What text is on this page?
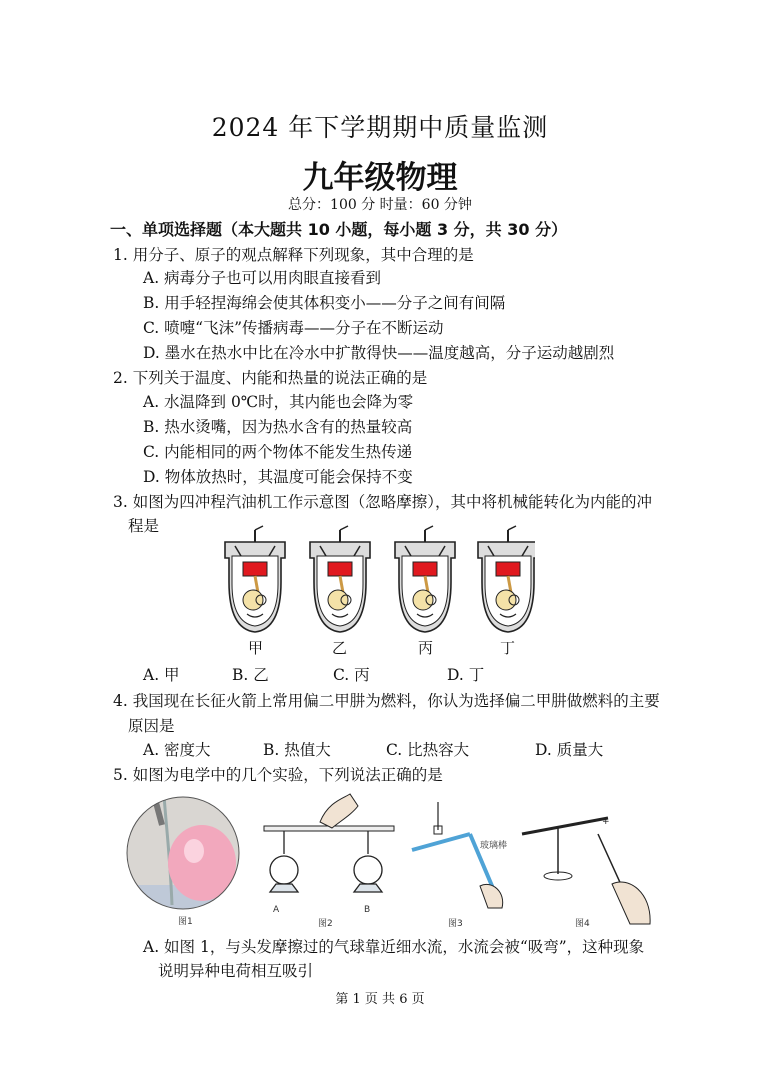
2024 年下学期期中质量监测
九年级物理
总分：100 分 时量：60 分钟
一、单项选择题（本大题共 10 小题，每小题 3 分，共 30 分）
1. 用分子、原子的观点解释下列现象，其中合理的是
A. 病毒分子也可以用肉眼直接看到
B. 用手轻捏海绵会使其体积变小——分子之间有间隔
C. 喷嚏“飞沫”传播病毒——分子在不断运动
D. 墨水在热水中比在冷水中扩散得快——温度越高，分子运动越剧烈
2. 下列关于温度、内能和热量的说法正确的是
A. 水温降到 0℃时，其内能也会降为零
B. 热水烫嘴，因为热水含有的热量较高
C. 内能相同的两个物体不能发生热传递
D. 物体放热时，其温度可能会保持不变
3. 如图为四冲程汽油机工作示意图（忽略摩擦），其中将机械能转化为内能的冲
程是
甲	乙	丙	丁
A. 甲	B. 乙	C. 丙	D. 丁
4. 我国现在长征火箭上常用偏二甲肼为燃料，你认为选择偏二甲肼做燃料的主要
原因是
A. 密度大	B. 热值大	C. 比热容大	D. 质量大
5. 如图为电学中的几个实验，下列说法正确的是
图1
A	B
图2
玻璃棒
图3
+
图4
A. 如图 1，与头发摩擦过的气球靠近细水流，水流会被“吸弯”，这种现象
说明异种电荷相互吸引
第 1 页 共 6 页
